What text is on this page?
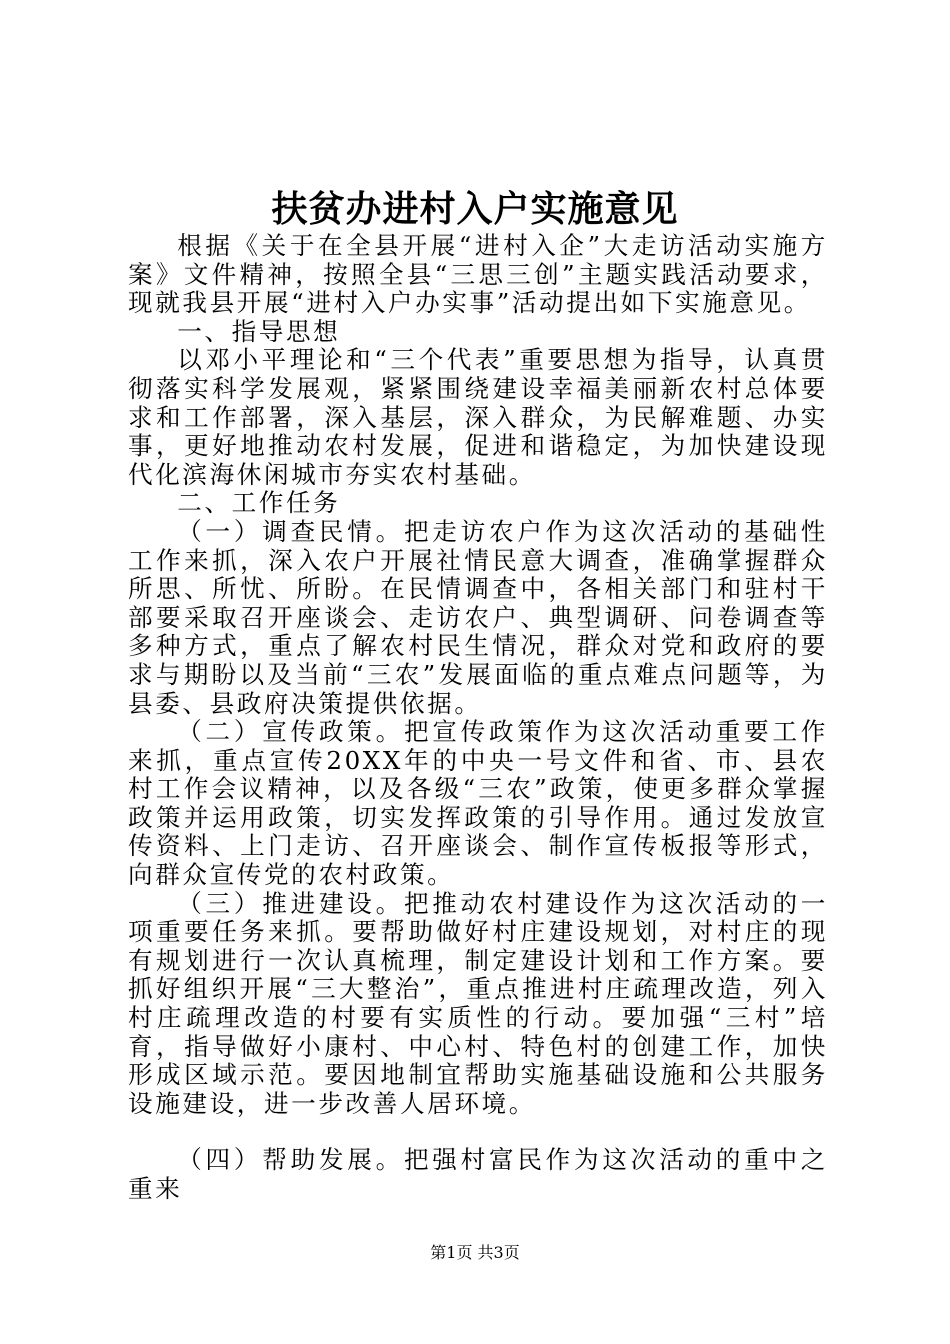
扶贫办进村入户实施意见

根据《关于在全县开展“进村入企”大走访活动实施方案》文件精神，按照全县“三思三创”主题实践活动要求，现就我县开展“进村入户办实事”活动提出如下实施意见。

一、指导思想

以邓小平理论和“三个代表”重要思想为指导，认真贯彻落实科学发展观，紧紧围绕建设幸福美丽新农村总体要求和工作部署，深入基层，深入群众，为民解难题、办实事，更好地推动农村发展，促进和谐稳定，为加快建设现代化滨海休闲城市夯实农村基础。

二、工作任务

（一）调查民情。把走访农户作为这次活动的基础性工作来抓，深入农户开展社情民意大调查，准确掌握群众所思、所忧、所盼。在民情调查中，各相关部门和驻村干部要采取召开座谈会、走访农户、典型调研、问卷调查等多种方式，重点了解农村民生情况，群众对党和政府的要求与期盼以及当前“三农”发展面临的重点难点问题等，为县委、县政府决策提供依据。

（二）宣传政策。把宣传政策作为这次活动重要工作来抓，重点宣传20XX年的中央一号文件和省、市、县农村工作会议精神，以及各级“三农”政策，使更多群众掌握政策并运用政策，切实发挥政策的引导作用。通过发放宣传资料、上门走访、召开座谈会、制作宣传板报等形式，向群众宣传党的农村政策。

（三）推进建设。把推动农村建设作为这次活动的一项重要任务来抓。要帮助做好村庄建设规划，对村庄的现有规划进行一次认真梳理，制定建设计划和工作方案。要抓好组织开展“三大整治”，重点推进村庄疏理改造，列入村庄疏理改造的村要有实质性的行动。要加强“三村”培育，指导做好小康村、中心村、特色村的创建工作，加快形成区域示范。要因地制宜帮助实施基础设施和公共服务设施建设，进一步改善人居环境。

（四）帮助发展。把强村富民作为这次活动的重中之重来

第1页 共3页
